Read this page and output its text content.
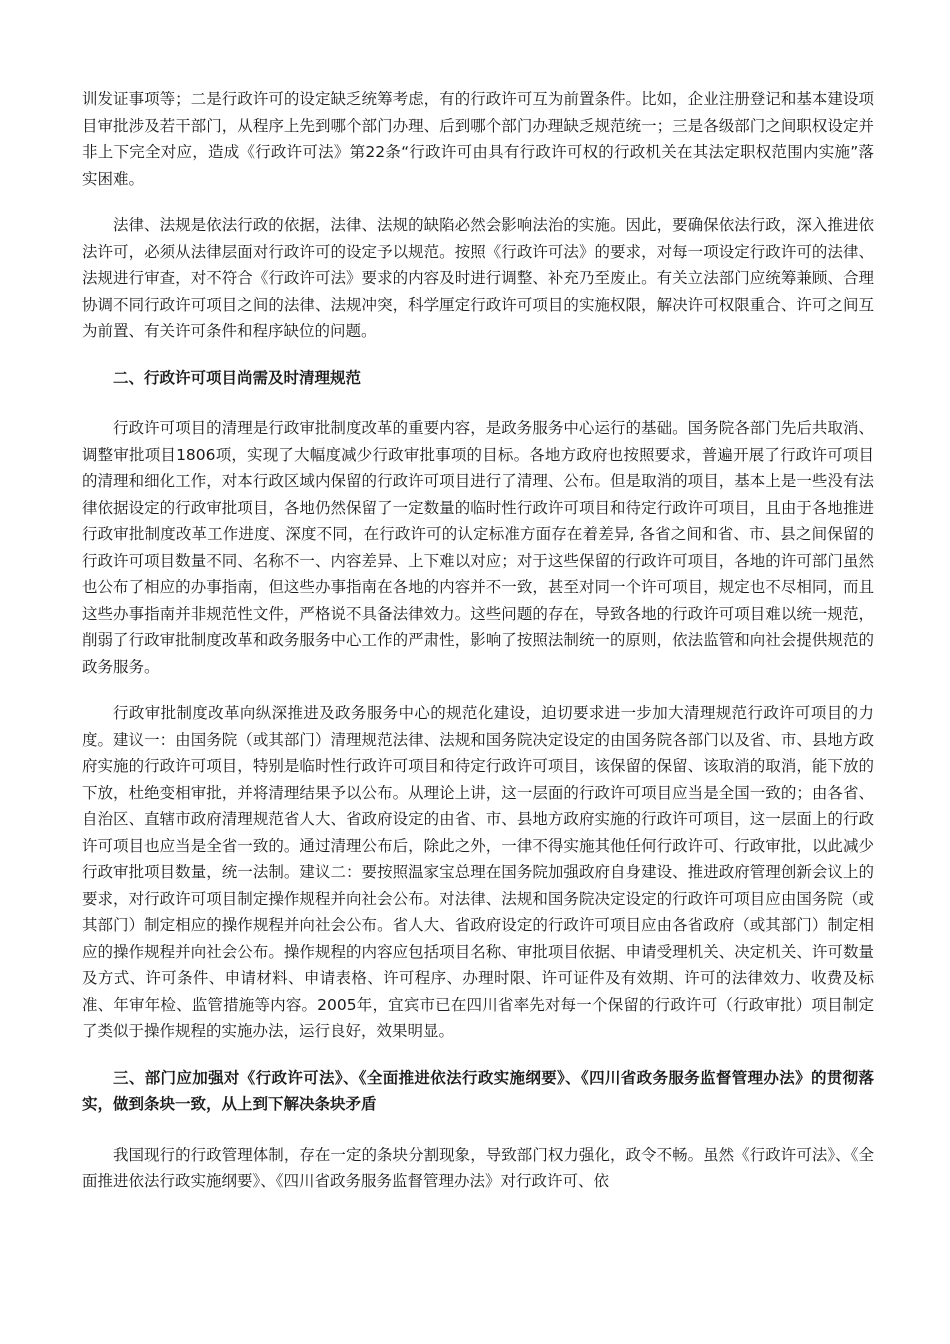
训发证事项等；二是行政许可的设定缺乏统筹考虑，有的行政许可互为前置条件。比如，企业注册登记和基本建设项目审批涉及若干部门，从程序上先到哪个部门办理、后到哪个部门办理缺乏规范统一；三是各级部门之间职权设定并非上下完全对应，造成《行政许可法》第22条“行政许可由具有行政许可权的行政机关在其法定职权范围内实施”落实困难。

法律、法规是依法行政的依据，法律、法规的缺陷必然会影响法治的实施。因此，要确保依法行政，深入推进依法许可，必须从法律层面对行政许可的设定予以规范。按照《行政许可法》的要求，对每一项设定行政许可的法律、法规进行审查，对不符合《行政许可法》要求的内容及时进行调整、补充乃至废止。有关立法部门应统筹兼顾、合理协调不同行政许可项目之间的法律、法规冲突，科学厘定行政许可项目的实施权限，解决许可权限重合、许可之间互为前置、有关许可条件和程序缺位的问题。

二、行政许可项目尚需及时清理规范

行政许可项目的清理是行政审批制度改革的重要内容，是政务服务中心运行的基础。国务院各部门先后共取消、调整审批项目1806项，实现了大幅度减少行政审批事项的目标。各地方政府也按照要求，普遍开展了行政许可项目的清理和细化工作，对本行政区域内保留的行政许可项目进行了清理、公布。但是取消的项目，基本上是一些没有法律依据设定的行政审批项目，各地仍然保留了一定数量的临时性行政许可项目和待定行政许可项目，且由于各地推进行政审批制度改革工作进度、深度不同，在行政许可的认定标准方面存在着差异, 各省之间和省、市、县之间保留的行政许可项目数量不同、名称不一、内容差异、上下难以对应；对于这些保留的行政许可项目，各地的许可部门虽然也公布了相应的办事指南，但这些办事指南在各地的内容并不一致，甚至对同一个许可项目，规定也不尽相同，而且这些办事指南并非规范性文件，严格说不具备法律效力。这些问题的存在，导致各地的行政许可项目难以统一规范，削弱了行政审批制度改革和政务服务中心工作的严肃性，影响了按照法制统一的原则，依法监管和向社会提供规范的政务服务。

行政审批制度改革向纵深推进及政务服务中心的规范化建设，迫切要求进一步加大清理规范行政许可项目的力度。建议一：由国务院（或其部门）清理规范法律、法规和国务院决定设定的由国务院各部门以及省、市、县地方政府实施的行政许可项目，特别是临时性行政许可项目和待定行政许可项目，该保留的保留、该取消的取消，能下放的下放，杜绝变相审批，并将清理结果予以公布。从理论上讲，这一层面的行政许可项目应当是全国一致的；由各省、自治区、直辖市政府清理规范省人大、省政府设定的由省、市、县地方政府实施的行政许可项目，这一层面上的行政许可项目也应当是全省一致的。通过清理公布后，除此之外，一律不得实施其他任何行政许可、行政审批，以此减少行政审批项目数量，统一法制。建议二：要按照温家宝总理在国务院加强政府自身建设、推进政府管理创新会议上的要求，对行政许可项目制定操作规程并向社会公布。对法律、法规和国务院决定设定的行政许可项目应由国务院（或其部门）制定相应的操作规程并向社会公布。省人大、省政府设定的行政许可项目应由各省政府（或其部门）制定相应的操作规程并向社会公布。操作规程的内容应包括项目名称、审批项目依据、申请受理机关、决定机关、许可数量及方式、许可条件、申请材料、申请表格、许可程序、办理时限、许可证件及有效期、许可的法律效力、收费及标准、年审年检、监管措施等内容。2005年，宜宾市已在四川省率先对每一个保留的行政许可（行政审批）项目制定了类似于操作规程的实施办法，运行良好，效果明显。

三、部门应加强对《行政许可法》、《全面推进依法行政实施纲要》、《四川省政务服务监督管理办法》的贯彻落实，做到条块一致，从上到下解决条块矛盾

我国现行的行政管理体制，存在一定的条块分割现象，导致部门权力强化，政令不畅。虽然《行政许可法》、《全面推进依法行政实施纲要》、《四川省政务服务监督管理办法》对行政许可、依
